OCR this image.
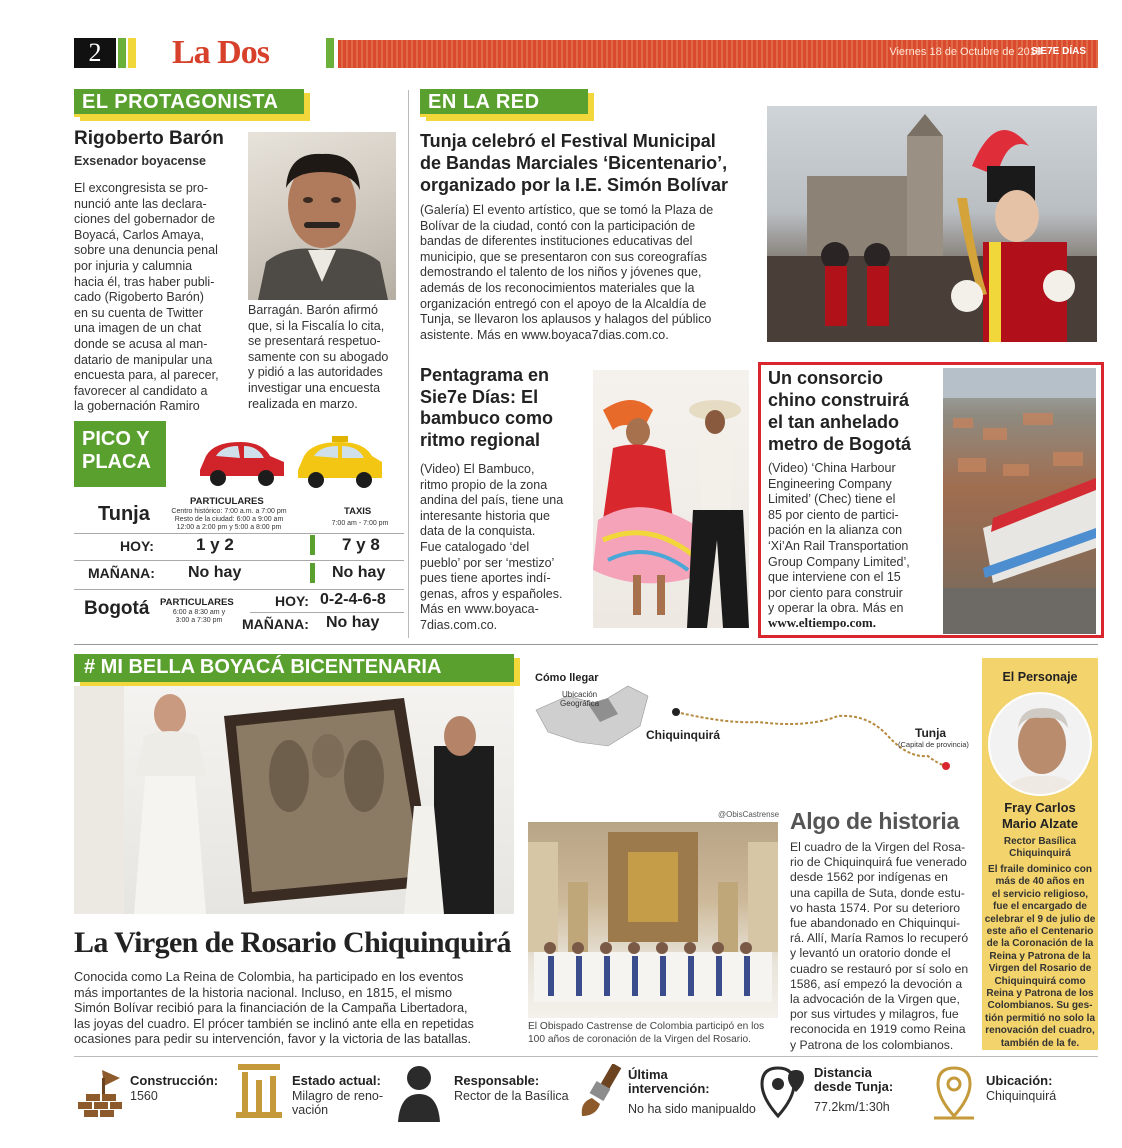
2	La Dos	Viernes 18 de Octubre de 2019
SIE7E DÍAS
EL PROTAGONISTA
Rigoberto Barón
Exsenador boyacense
El excongresista se pro-
nunció ante las declara-
ciones del gobernador de
Boyacá, Carlos Amaya,
sobre una denuncia penal
por injuria y calumnia
hacia él, tras haber publi-
cado (Rigoberto Barón)
en su cuenta de Twitter
una imagen de un chat
donde se acusa al man-
datario de manipular una
encuesta para, al parecer,
favorecer al candidato a
la gobernación Ramiro
Barragán. Barón afirmó
que, si la Fiscalía lo cita,
se presentará respetuo-
samente con su abogado
y pidió a las autoridades
investigar una encuesta
realizada en marzo.
EN LA RED
Tunja celebró el Festival Municipal
de Bandas Marciales ‘Bicentenario’,
organizado por la I.E. Simón Bolívar
(Galería) El evento artístico, que se tomó la Plaza de
Bolívar de la ciudad, contó con la participación de
bandas de diferentes instituciones educativas del
municipio, que se presentaron con sus coreografías
demostrando el talento de los niños y jóvenes que,
además de los reconocimientos materiales que la
organización entregó con el apoyo de la Alcaldía de
Tunja, se llevaron los aplausos y halagos del público
asistente. Más en www.boyaca7dias.com.co.
Pentagrama en
Sie7e Días: El
bambuco como
ritmo regional
(Video) El Bambuco,
ritmo propio de la zona
andina del país, tiene una
interesante historia que
data de la conquista.
Fue catalogado ‘del
pueblo’ por ser ‘mestizo’
pues tiene aportes indí-
genas, afros y españoles.
Más en www.boyaca-
7dias.com.co.
Un consorcio
chino construirá
el tan anhelado
metro de Bogotá
(Video) ‘China Harbour
Engineering Company
Limited’ (Chec) tiene el
85 por ciento de partici-
pación en la alianza con
‘Xi’An Rail Transportation
Group Company Limited’,
que interviene con el 15
por ciento para construir
y operar la obra. Más en
www.eltiempo.com.
PICO Y
PLACA
Tunja
PARTICULARES
Centro histórico: 7:00 a.m. a 7:00 pm
Resto de la ciudad: 6:00 a 9:00 am
12:00 a 2:00 pm y 5:00 a 8:00 pm
TAXIS
7:00 am - 7:00 pm
HOY: 1 y 2	7 y 8
MAÑANA: No hay	No hay
Bogotá PARTICULARES
6:00 a 8:30 am y
3:00 a 7:30 pm
HOY: 0-2-4-6-8
MAÑANA: No hay
# MI BELLA BOYACÁ BICENTENARIA
La Virgen de Rosario Chiquinquirá
Conocida como La Reina de Colombia, ha participado en los eventos
más importantes de la historia nacional. Incluso, en 1815, el mismo
Simón Bolívar recibió para la financiación de la Campaña Libertadora,
las joyas del cuadro. El prócer también se inclinó ante ella en repetidas
ocasiones para pedir su intervención, favor y la victoria de las batallas.
Cómo llegar
Ubicación
Geográfica
Chiquinquirá	Tunja
(Capital de provincia)
@ObisCastrense
El Obispado Castrense de Colombia participó en los
100 años de coronación de la Virgen del Rosario.
Algo de historia
El cuadro de la Virgen del Rosa-
rio de Chiquinquirá fue venerado
desde 1562 por indígenas en
una capilla de Suta, donde estu-
vo hasta 1574. Por su deterioro
fue abandonado en Chiquinqui-
rá. Allí, María Ramos lo recuperó
y levantó un oratorio donde el
cuadro se restauró por sí solo en
1586, así empezó la devoción a
la advocación de la Virgen que,
por sus virtudes y milagros, fue
reconocida en 1919 como Reina
y Patrona de los colombianos.
El Personaje
Fray Carlos
Mario Alzate
Rector Basílica
Chiquinquirá
El fraile dominico con
más de 40 años en
el servicio religioso,
fue el encargado de
celebrar el 9 de julio de
este año el Centenario
de la Coronación de la
Reina y Patrona de la
Virgen del Rosario de
Chiquinquirá como
Reina y Patrona de los
Colombianos. Su ges-
tión permitió no solo la
renovación del cuadro,
también de la fe.
Construcción:
1560
Estado actual:
Milagro de reno-
vación
Responsable:
Rector de la Basílica
Última
intervención:
No ha sido manipualdo
Distancia
desde Tunja:
77.2km/1:30h
Ubicación:
Chiquinquirá
